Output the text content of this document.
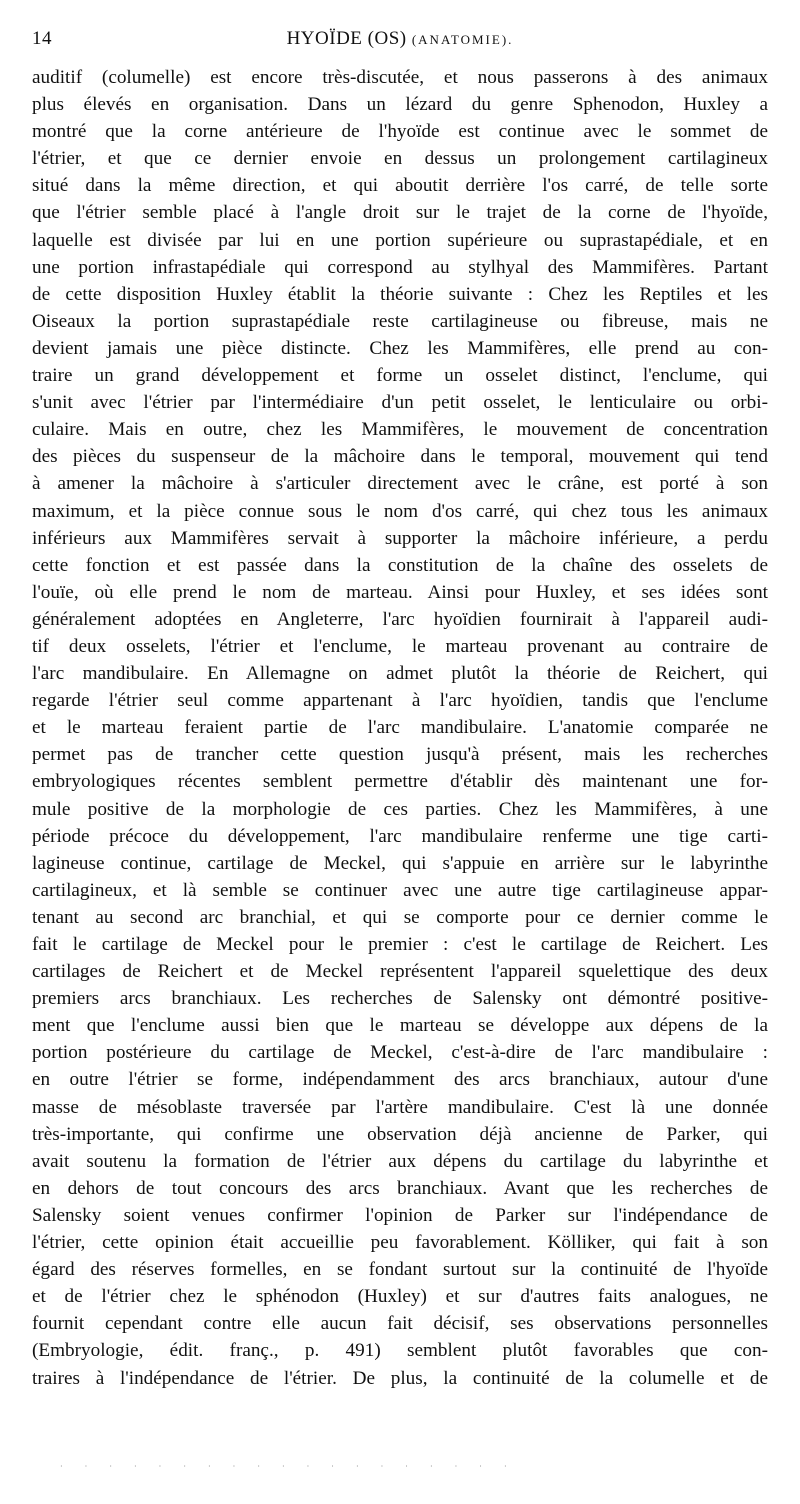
14	HYOÏDE (OS) (ANATOMIE).
auditif (columelle) est encore très-discutée, et nous passerons à des animaux
plus élevés en organisation. Dans un lézard du genre Sphenodon, Huxley a
montré que la corne antérieure de l'hyoïde est continue avec le sommet de
l'étrier, et que ce dernier envoie en dessus un prolongement cartilagineux
situé dans la même direction, et qui aboutit derrière l'os carré, de telle sorte
que l'étrier semble placé à l'angle droit sur le trajet de la corne de l'hyoïde,
laquelle est divisée par lui en une portion supérieure ou suprastapédiale, et en
une portion infrastapédiale qui correspond au stylhyal des Mammifères. Partant
de cette disposition Huxley établit la théorie suivante : Chez les Reptiles et les
Oiseaux la portion suprastapédiale reste cartilagineuse ou fibreuse, mais ne
devient jamais une pièce distincte. Chez les Mammifères, elle prend au con-
traire un grand développement et forme un osselet distinct, l'enclume, qui
s'unit avec l'étrier par l'intermédiaire d'un petit osselet, le lenticulaire ou orbi-
culaire. Mais en outre, chez les Mammifères, le mouvement de concentration
des pièces du suspenseur de la mâchoire dans le temporal, mouvement qui tend
à amener la mâchoire à s'articuler directement avec le crâne, est porté à son
maximum, et la pièce connue sous le nom d'os carré, qui chez tous les animaux
inférieurs aux Mammifères servait à supporter la mâchoire inférieure, a perdu
cette fonction et est passée dans la constitution de la chaîne des osselets de
l'ouïe, où elle prend le nom de marteau. Ainsi pour Huxley, et ses idées sont
généralement adoptées en Angleterre, l'arc hyoïdien fournirait à l'appareil audi-
tif deux osselets, l'étrier et l'enclume, le marteau provenant au contraire de
l'arc mandibulaire. En Allemagne on admet plutôt la théorie de Reichert, qui
regarde l'étrier seul comme appartenant à l'arc hyoïdien, tandis que l'enclume
et le marteau feraient partie de l'arc mandibulaire. L'anatomie comparée ne
permet pas de trancher cette question jusqu'à présent, mais les recherches
embryologiques récentes semblent permettre d'établir dès maintenant une for-
mule positive de la morphologie de ces parties. Chez les Mammifères, à une
période précoce du développement, l'arc mandibulaire renferme une tige carti-
lagineuse continue, cartilage de Meckel, qui s'appuie en arrière sur le labyrinthe
cartilagineux, et là semble se continuer avec une autre tige cartilagineuse appar-
tenant au second arc branchial, et qui se comporte pour ce dernier comme le
fait le cartilage de Meckel pour le premier : c'est le cartilage de Reichert. Les
cartilages de Reichert et de Meckel représentent l'appareil squelettique des deux
premiers arcs branchiaux. Les recherches de Salensky ont démontré positive-
ment que l'enclume aussi bien que le marteau se développe aux dépens de la
portion postérieure du cartilage de Meckel, c'est-à-dire de l'arc mandibulaire :
en outre l'étrier se forme, indépendamment des arcs branchiaux, autour d'une
masse de mésoblaste traversée par l'artère mandibulaire. C'est là une donnée
très-importante, qui confirme une observation déjà ancienne de Parker, qui
avait soutenu la formation de l'étrier aux dépens du cartilage du labyrinthe et
en dehors de tout concours des arcs branchiaux. Avant que les recherches de
Salensky soient venues confirmer l'opinion de Parker sur l'indépendance de
l'étrier, cette opinion était accueillie peu favorablement. Kölliker, qui fait à son
égard des réserves formelles, en se fondant surtout sur la continuité de l'hyoïde
et de l'étrier chez le sphénodon (Huxley) et sur d'autres faits analogues, ne
fournit cependant contre elle aucun fait décisif, ses observations personnelles
(Embryologie, édit. franç., p. 491) semblent plutôt favorables que con-
traires à l'indépendance de l'étrier. De plus, la continuité de la columelle et de
· · · · · · · · · · · · · · · · · · ·
